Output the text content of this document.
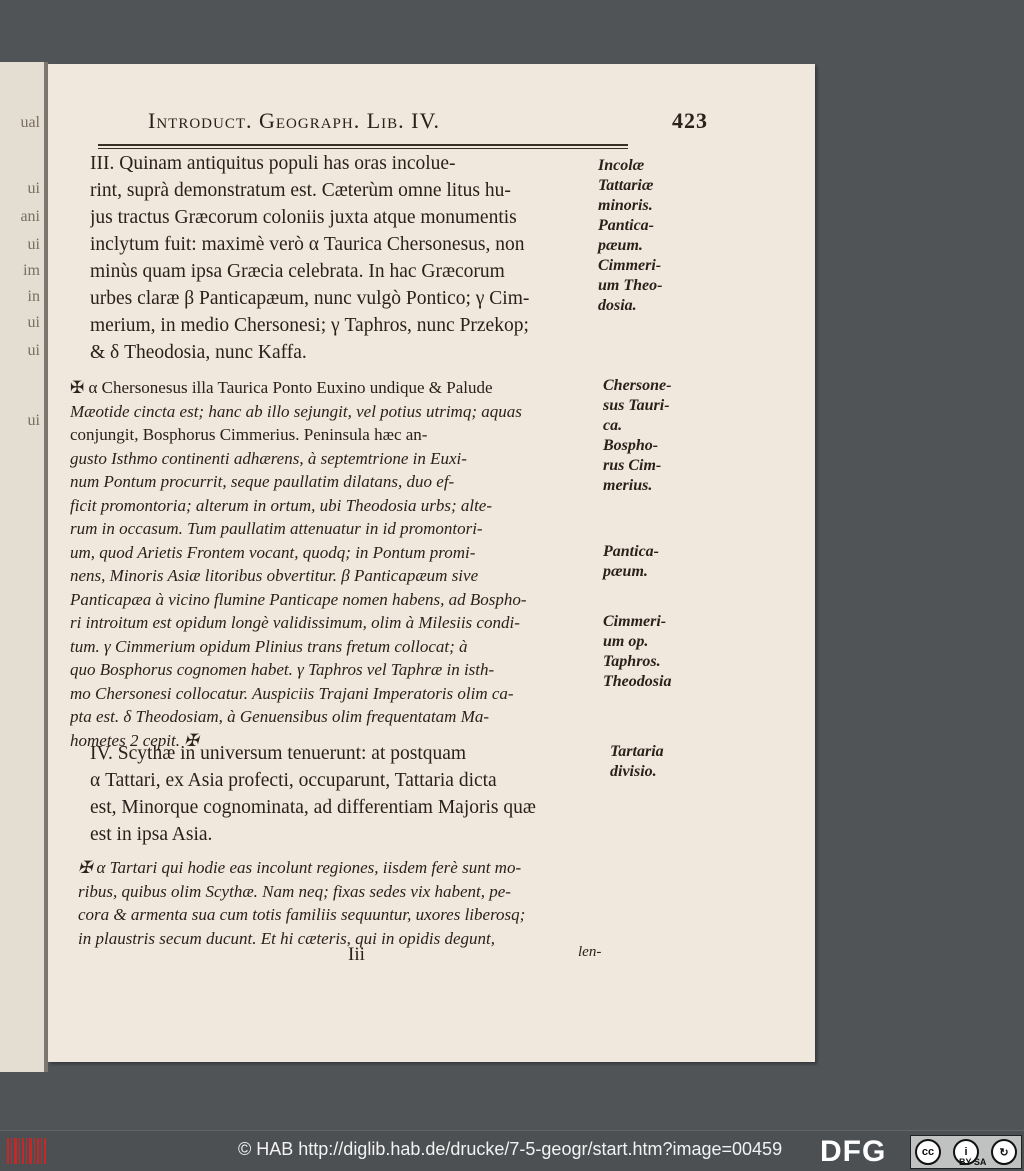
ual
ui
ani
ui
im
in
ui
ui
ui
Introduct. Geograph. Lib. IV.	423
III. Quinam antiquitus populi has oras incolue-
rint, suprà demonstratum est. Cæterùm omne litus hu-
jus tractus Græcorum coloniis juxta atque monumentis
inclytum fuit: maximè verò α Taurica Chersonesus, non
minùs quam ipsa Græcia celebrata. In hac Græcorum
urbes claræ β Panticapæum, nunc vulgò Pontico; γ Cim-
merium, in medio Chersonesi; γ Taphros, nunc Przekop;
& δ Theodosia, nunc Kaffa.
✠ α Chersonesus illa Taurica Ponto Euxino undique & Palude
Mæotide cincta est; hanc ab illo sejungit, vel potius utrimq; aquas
conjungit, Bosphorus Cimmerius. Peninsula hæc an-
gusto Isthmo continenti adhærens, à septemtrione in Euxi-
num Pontum procurrit, seque paullatim dilatans, duo ef-
ficit promontoria; alterum in ortum, ubi Theodosia urbs; alte-
rum in occasum. Tum paullatim attenuatur in id promontori-
um, quod Arietis Frontem vocant, quodq; in Pontum promi-
nens, Minoris Asiæ litoribus obvertitur. β Panticapæum sive
Panticapæa à vicino flumine Panticape nomen habens, ad Bospho-
ri introitum est opidum longè validissimum, olim à Milesiis condi-
tum. γ Cimmerium opidum Plinius trans fretum collocat; à
quo Bosphorus cognomen habet. γ Taphros vel Taphræ in isth-
mo Chersonesi collocatur. Auspiciis Trajani Imperatoris olim ca-
pta est. δ Theodosiam, à Genuensibus olim frequentatam Ma-
hometes 2 cepit. ✠
IV. Scythæ in universum tenuerunt: at postquam
α Tattari, ex Asia profecti, occuparunt, Tattaria dicta
est, Minorque cognominata, ad differentiam Majoris quæ
est in ipsa Asia.
✠ α Tartari qui hodie eas incolunt regiones, iisdem ferè sunt mo-
ribus, quibus olim Scythæ. Nam neq; fixas sedes vix habent, pe-
cora & armenta sua cum totis familiis sequuntur, uxores liberosq;
in plaustris secum ducunt. Et hi cæteris, qui in opidis degunt,
Iii	len-
Incolæ
Tattariæ
minoris.
Pantica-
pæum.
Cimmeri-
um Theo-
dosia.
Chersone-
sus Tauri-
ca.
Bospho-
rus Cim-
merius.
Pantica-
pæum.
Cimmeri-
um op.
Taphros.
Theodosia
Tartaria
divisio.
© HAB http://diglib.hab.de/drucke/7-5-geogr/start.htm?image=00459 DFG	cc	i	↻
BY SA
